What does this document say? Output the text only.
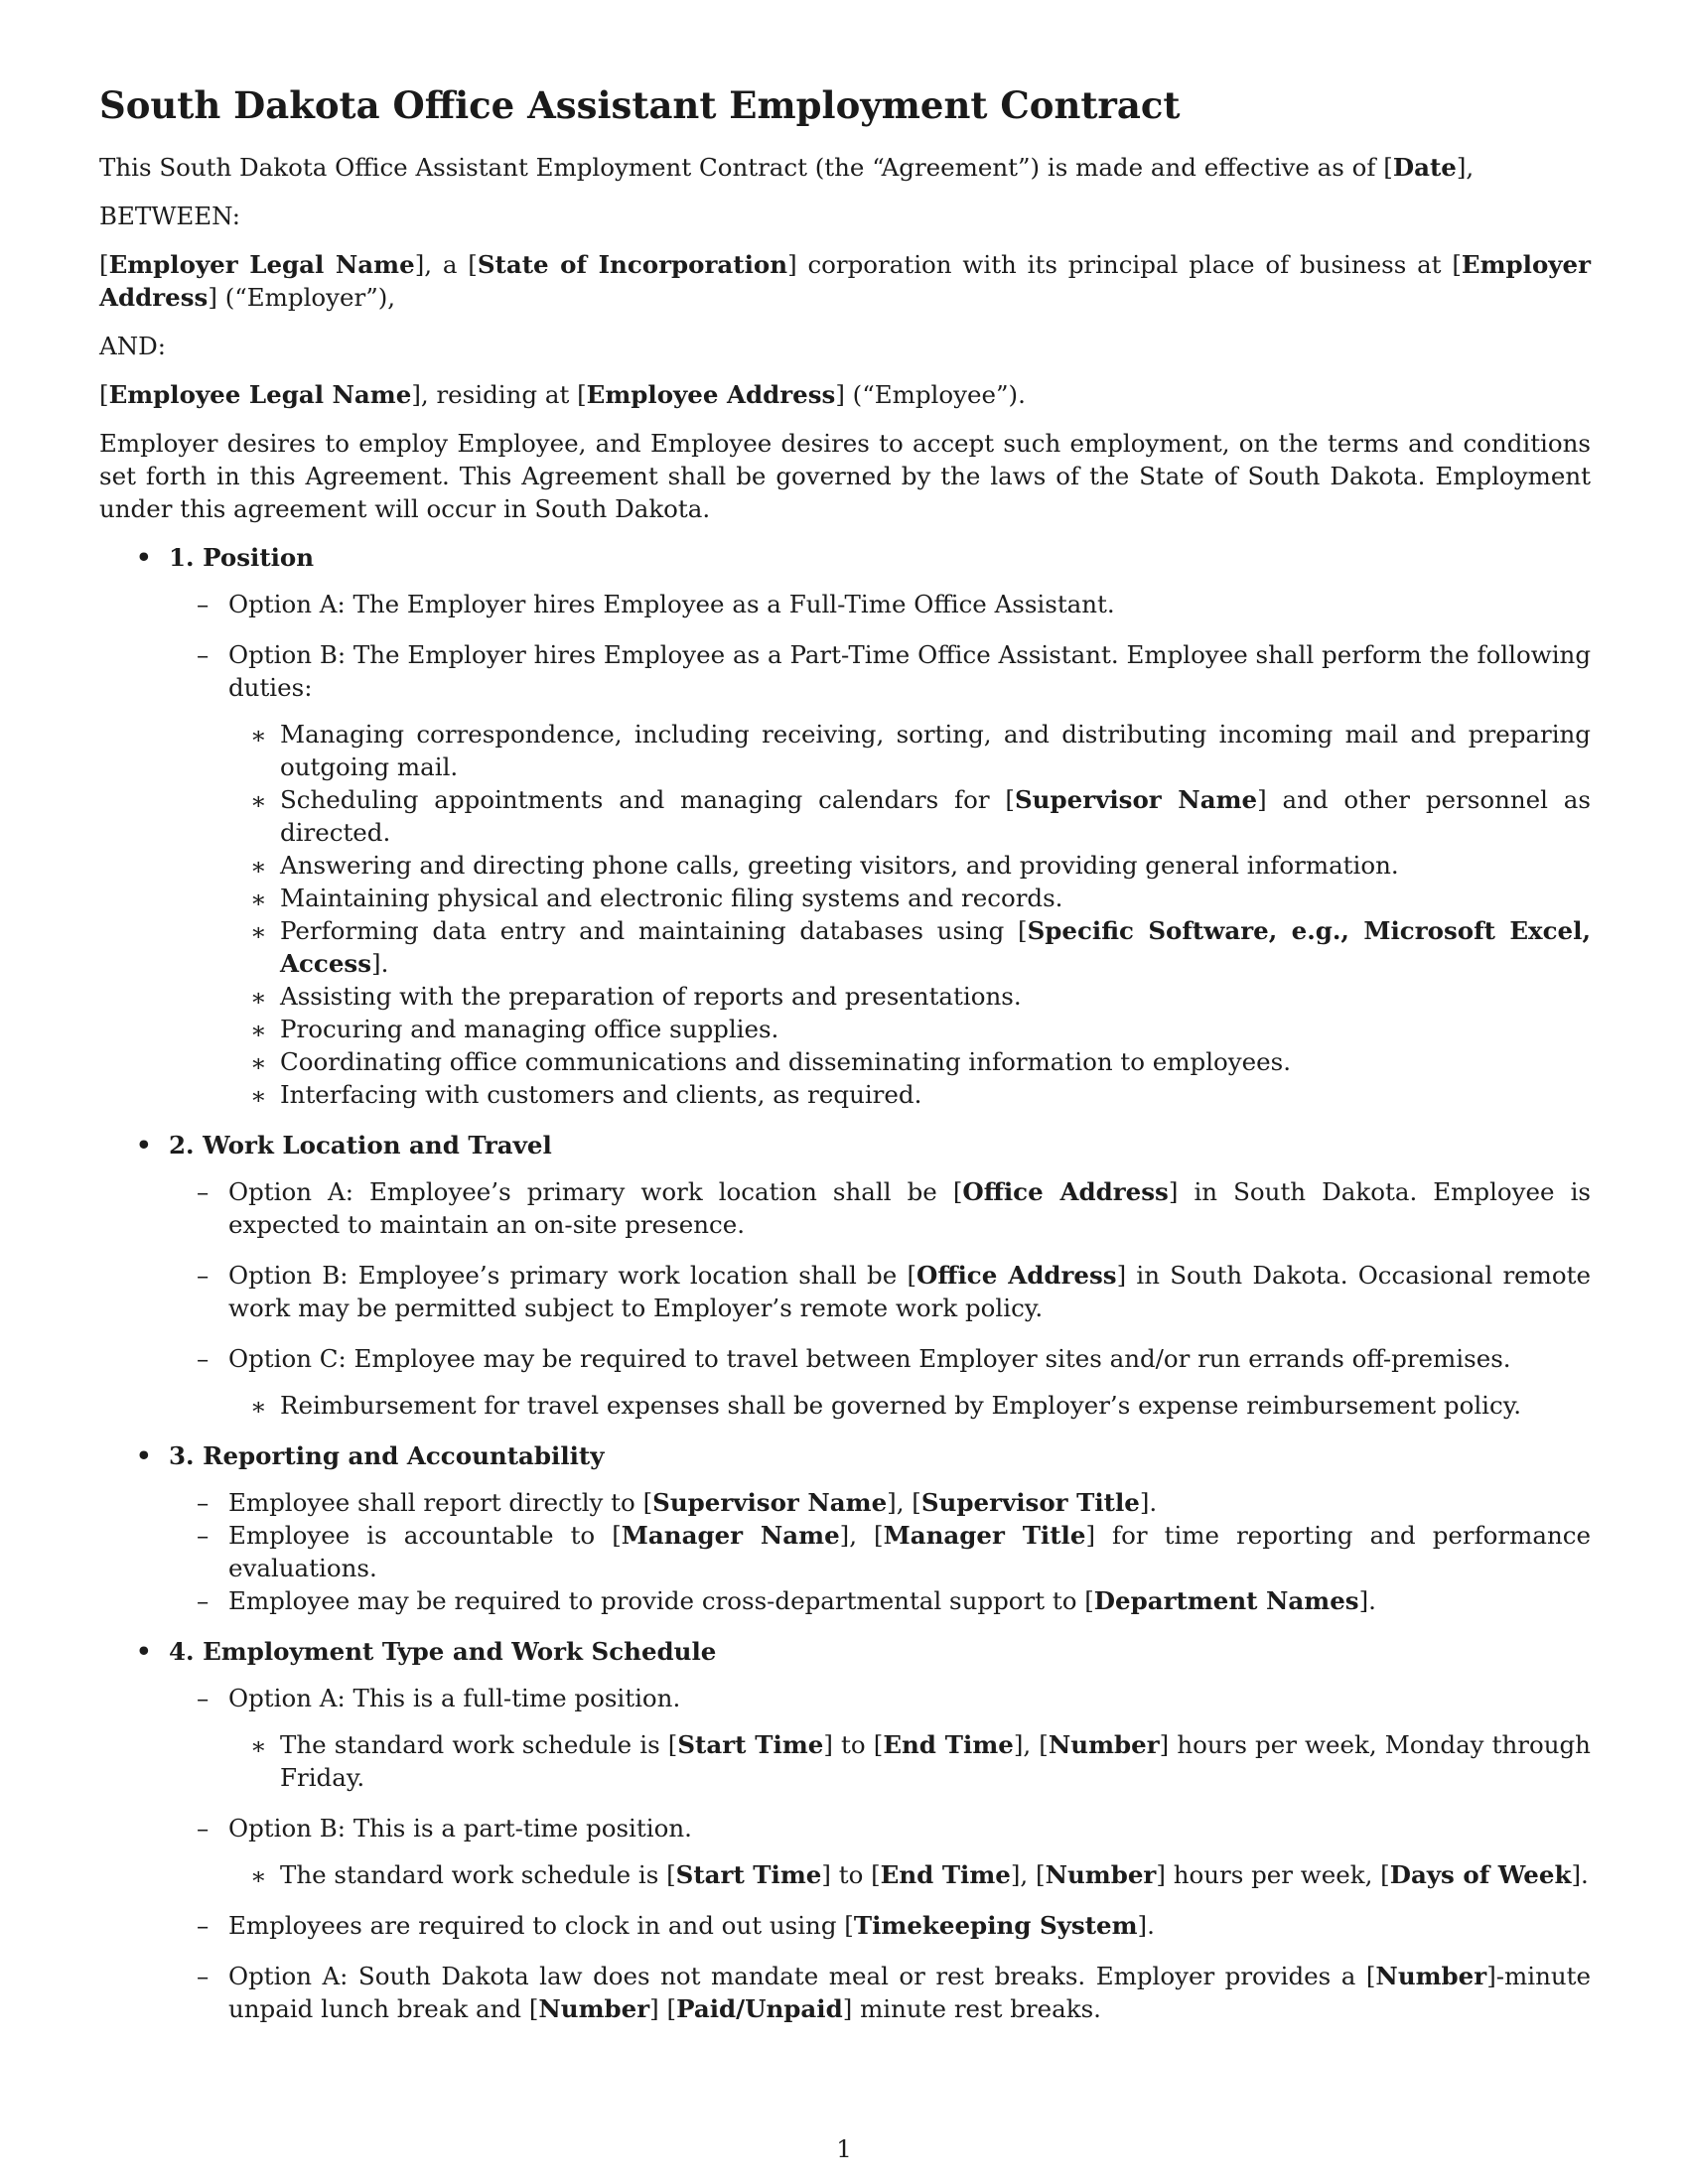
South Dakota Office Assistant Employment Contract

This South Dakota Office Assistant Employment Contract (the “Agreement”) is made and effective as of [Date],

BETWEEN:

[Employer Legal Name], a [State of Incorporation] corporation with its principal place of business at [Employer Address] (“Employer”),

AND:

[Employee Legal Name], residing at [Employee Address] (“Employee”).

Employer desires to employ Employee, and Employee desires to accept such employment, on the terms and conditions set forth in this Agreement. This Agreement shall be governed by the laws of the State of South Dakota. Employment under this agreement will occur in South Dakota.

• 1. Position
– Option A: The Employer hires Employee as a Full-Time Office Assistant.
– Option B: The Employer hires Employee as a Part-Time Office Assistant. Employee shall perform the following duties:
∗ Managing correspondence, including receiving, sorting, and distributing incoming mail and preparing outgoing mail.
∗ Scheduling appointments and managing calendars for [Supervisor Name] and other personnel as directed.
∗ Answering and directing phone calls, greeting visitors, and providing general information.
∗ Maintaining physical and electronic filing systems and records.
∗ Performing data entry and maintaining databases using [Specific Software, e.g., Microsoft Excel, Access].
∗ Assisting with the preparation of reports and presentations.
∗ Procuring and managing office supplies.
∗ Coordinating office communications and disseminating information to employees.
∗ Interfacing with customers and clients, as required.
• 2. Work Location and Travel
– Option A: Employee’s primary work location shall be [Office Address] in South Dakota. Employee is expected to maintain an on-site presence.
– Option B: Employee’s primary work location shall be [Office Address] in South Dakota. Occasional remote work may be permitted subject to Employer’s remote work policy.
– Option C: Employee may be required to travel between Employer sites and/or run errands off-premises.
∗ Reimbursement for travel expenses shall be governed by Employer’s expense reimbursement policy.
• 3. Reporting and Accountability
– Employee shall report directly to [Supervisor Name], [Supervisor Title].
– Employee is accountable to [Manager Name], [Manager Title] for time reporting and performance evaluations.
– Employee may be required to provide cross-departmental support to [Department Names].
• 4. Employment Type and Work Schedule
– Option A: This is a full-time position.
∗ The standard work schedule is [Start Time] to [End Time], [Number] hours per week, Monday through Friday.
– Option B: This is a part-time position.
∗ The standard work schedule is [Start Time] to [End Time], [Number] hours per week, [Days of Week].
– Employees are required to clock in and out using [Timekeeping System].
– Option A: South Dakota law does not mandate meal or rest breaks. Employer provides a [Number]-minute unpaid lunch break and [Number] [Paid/Unpaid] minute rest breaks.
1
